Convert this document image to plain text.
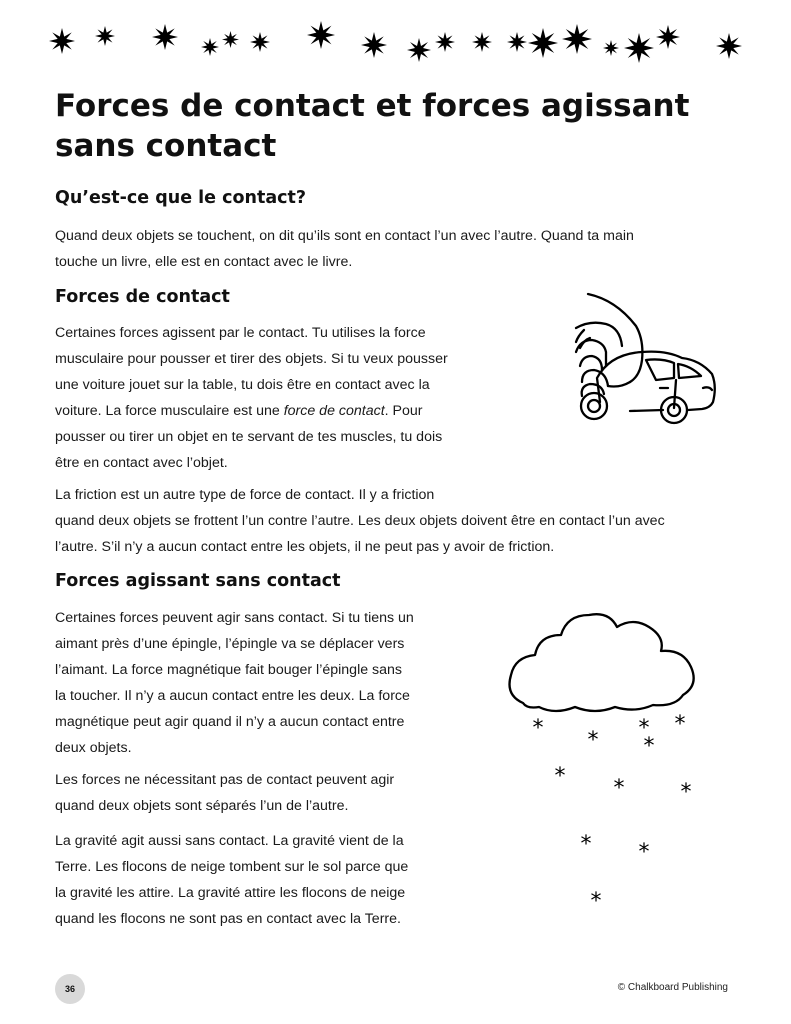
Forces de contact et forces agissant sans contact
Qu’est-ce que le contact?
Quand deux objets se touchent, on dit qu’ils sont en contact l’un avec l’autre. Quand ta main
touche un livre, elle est en contact avec le livre.
Forces de contact
Certaines forces agissent par le contact. Tu utilises la force
musculaire pour pousser et tirer des objets. Si tu veux pousser
une voiture jouet sur la table, tu dois être en contact avec la
voiture. La force musculaire est une force de contact. Pour
pousser ou tirer un objet en te servant de tes muscles, tu dois
être en contact avec l’objet.
La friction est un autre type de force de contact. Il y a friction
quand deux objets se frottent l’un contre l’autre. Les deux objets doivent être en contact l’un avec
l’autre. S’il n’y a aucun contact entre les objets, il ne peut pas y avoir de friction.
Forces agissant sans contact
Certaines forces peuvent agir sans contact. Si tu tiens un
aimant près d’une épingle, l’épingle va se déplacer vers
l’aimant. La force magnétique fait bouger l’épingle sans
la toucher. Il n’y a aucun contact entre les deux. La force
magnétique peut agir quand il n’y a aucun contact entre
deux objets.
Les forces ne nécessitant pas de contact peuvent agir
quand deux objets sont séparés l’un de l’autre.
La gravité agit aussi sans contact. La gravité vient de la
Terre. Les flocons de neige tombent sur le sol parce que
la gravité les attire. La gravité attire les flocons de neige
quand les flocons ne sont pas en contact avec la Terre.
* * * *
*
* *	*
* *
*
36	© Chalkboard Publishing
